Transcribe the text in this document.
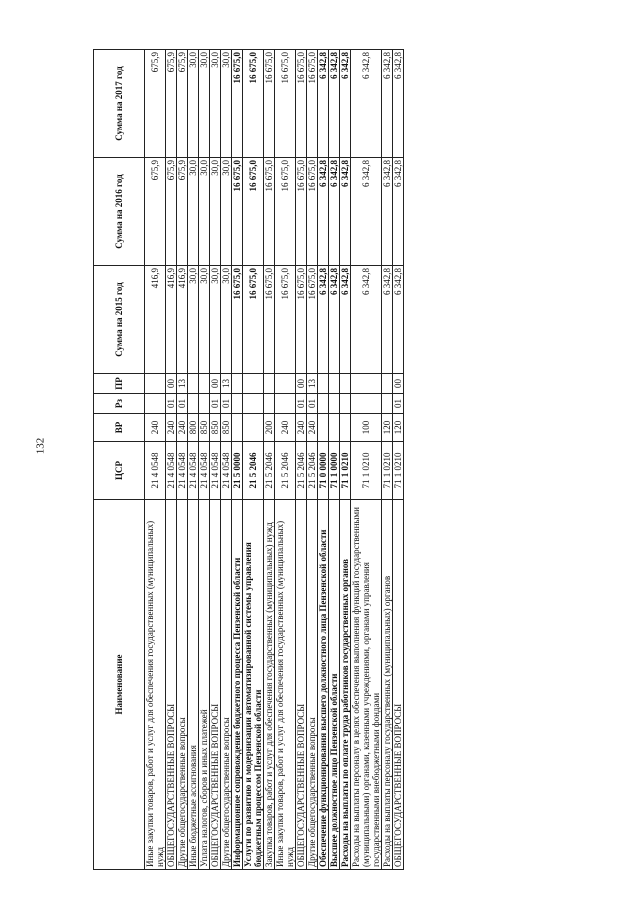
132
Наименование	ЦСР	ВР	Рз	ПР	Сумма на 2015 год	Сумма на 2016 год	Сумма на 2017 год
Иные закупки товаров, работ и услуг для обеспечения государственных (муниципальных) нужд	21 4 0548	240			416,9	675,9	675,9
ОБЩЕГОСУДАРСТВЕННЫЕ ВОПРОСЫ	21 4 0548	240	01	00	416,9	675,9	675,9
Другие общегосударственные вопросы	21 4 0548	240	01	13	416,9	675,9	675,9
Иные бюджетные ассигнования	21 4 0548	800			30,0	30,0	30,0
Уплата налогов, сборов и иных платежей	21 4 0548	850			30,0	30,0	30,0
ОБЩЕГОСУДАРСТВЕННЫЕ ВОПРОСЫ	21 4 0548	850	01	00	30,0	30,0	30,0
Другие общегосударственные вопросы	21 4 0548	850	01	13	30,0	30,0	30,0
Информационное сопровождение бюджетного процесса Пензенской области	21 5 0000				16 675,0	16 675,0	16 675,0
Услуги по развитию и модернизации автоматизированной системы управления бюджетным процессом Пензенской области	21 5 2046				16 675,0	16 675,0	16 675,0
Закупка товаров, работ и услуг для обеспечения государственных (муниципальных) нужд	21 5 2046	200			16 675,0	16 675,0	16 675,0
Иные закупки товаров, работ и услуг для обеспечения государственных (муниципальных) нужд	21 5 2046	240			16 675,0	16 675,0	16 675,0
ОБЩЕГОСУДАРСТВЕННЫЕ ВОПРОСЫ	21 5 2046	240	01	00	16 675,0	16 675,0	16 675,0
Другие общегосударственные вопросы	21 5 2046	240	01	13	16 675,0	16 675,0	16 675,0
Обеспечение функционирования высшего должностного лица Пензенской области	71 0 0000				6 342,8	6 342,8	6 342,8
Высшее должностное лицо Пензенской области	71 1 0000				6 342,8	6 342,8	6 342,8
Расходы на выплаты по оплате труда работников государственных органов	71 1 0210				6 342,8	6 342,8	6 342,8
Расходы на выплаты персоналу в целях обеспечения выполнения функций государственными (муниципальными) органами, казенными учреждениями, органами управления государственными внебюджетными фондами	71 1 0210	100			6 342,8	6 342,8	6 342,8
Расходы на выплаты персоналу государственных (муниципальных) органов	71 1 0210	120			6 342,8	6 342,8	6 342,8
ОБЩЕГОСУДАРСТВЕННЫЕ ВОПРОСЫ	71 1 0210	120	01	00	6 342,8	6 342,8	6 342,8
